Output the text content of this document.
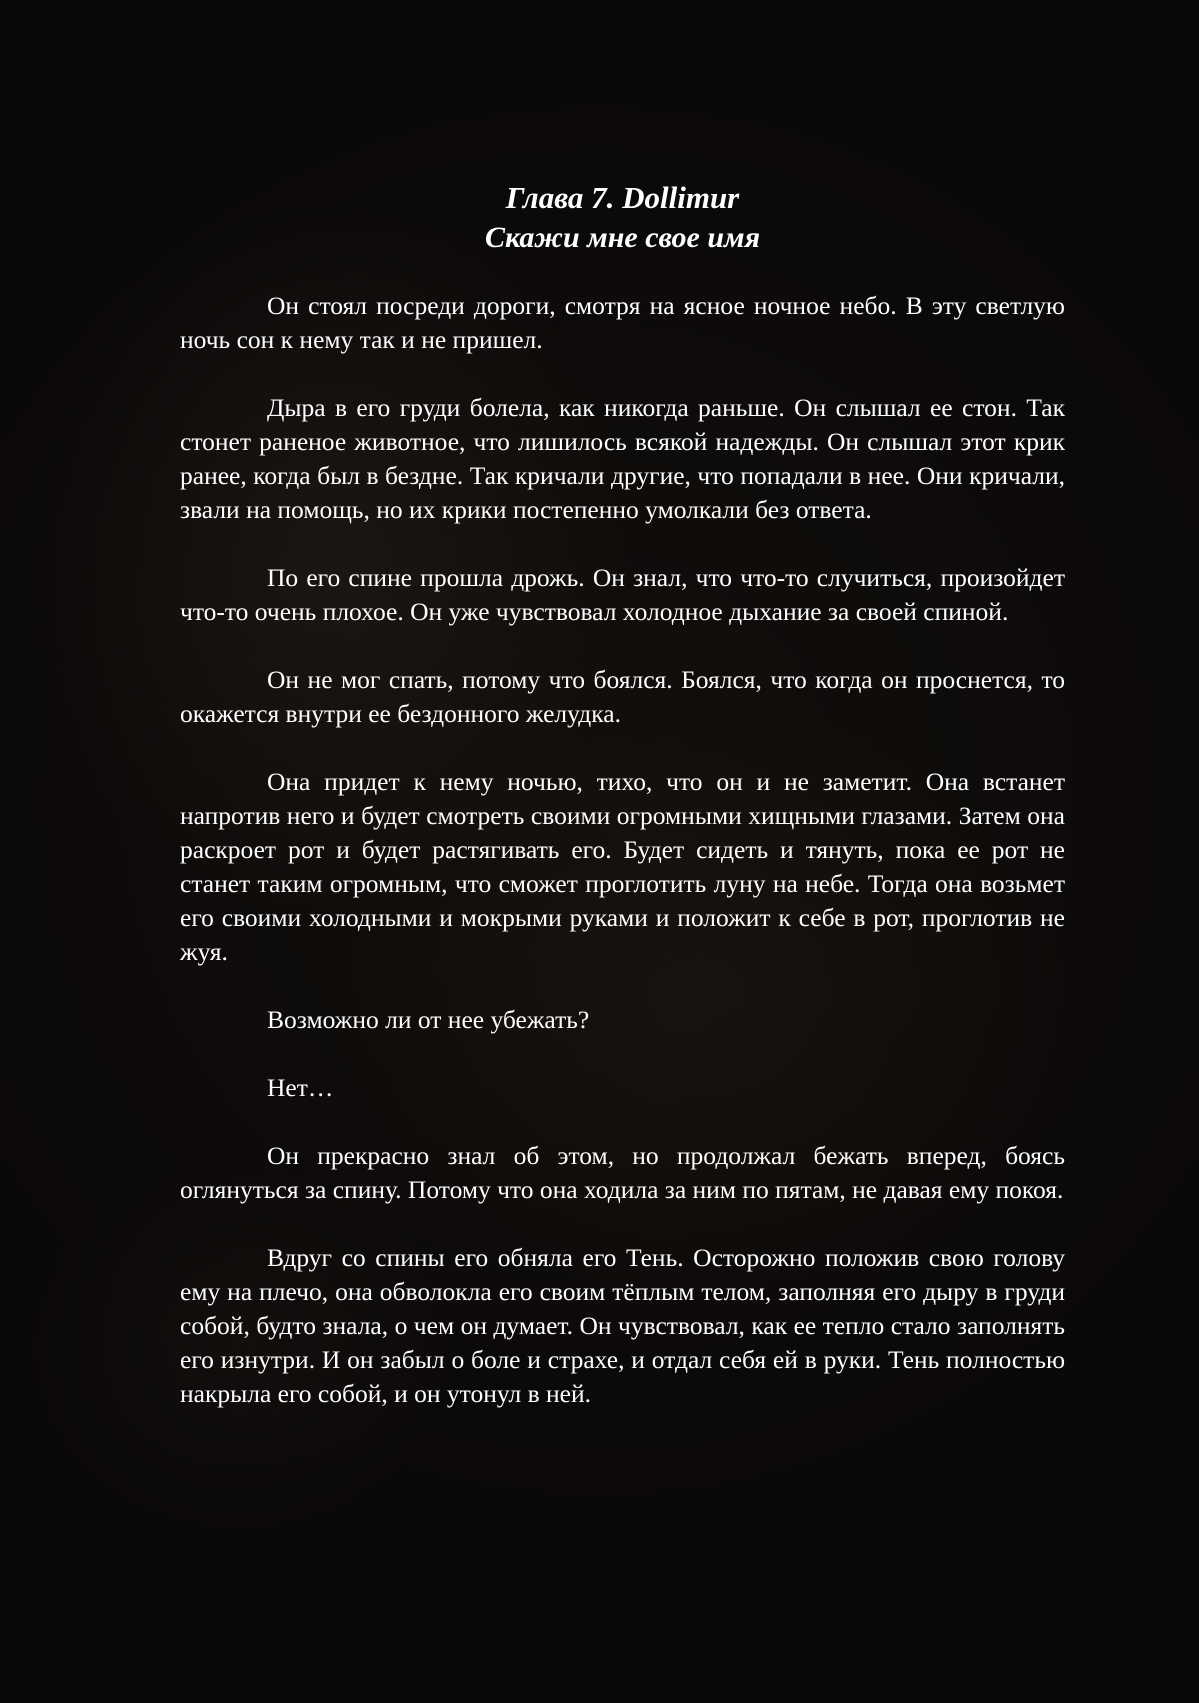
Глава 7. Dollimur
Скажи мне свое имя

Он стоял посреди дороги, смотря на ясное ночное небо. В эту светлую ночь сон к нему так и не пришел.

Дыра в его груди болела, как никогда раньше. Он слышал ее стон. Так стонет раненое животное, что лишилось всякой надежды. Он слышал этот крик ранее, когда был в бездне. Так кричали другие, что попадали в нее. Они кричали, звали на помощь, но их крики постепенно умолкали без ответа.

По его спине прошла дрожь. Он знал, что что-то случиться, произойдет что-то очень плохое. Он уже чувствовал холодное дыхание за своей спиной.

Он не мог спать, потому что боялся. Боялся, что когда он проснется, то окажется внутри ее бездонного желудка.

Она придет к нему ночью, тихо, что он и не заметит. Она встанет напротив него и будет смотреть своими огромными хищными глазами. Затем она раскроет рот и будет растягивать его. Будет сидеть и тянуть, пока ее рот не станет таким огромным, что сможет проглотить луну на небе. Тогда она возьмет его своими холодными и мокрыми руками и положит к себе в рот, проглотив не жуя.

Возможно ли от нее убежать?

Нет…

Он прекрасно знал об этом, но продолжал бежать вперед, боясь оглянуться за спину. Потому что она ходила за ним по пятам, не давая ему покоя.

Вдруг со спины его обняла его Тень. Осторожно положив свою голову ему на плечо, она обволокла его своим тёплым телом, заполняя его дыру в груди собой, будто знала, о чем он думает. Он чувствовал, как ее тепло стало заполнять его изнутри. И он забыл о боле и страхе, и отдал себя ей в руки. Тень полностью накрыла его собой, и он утонул в ней.
